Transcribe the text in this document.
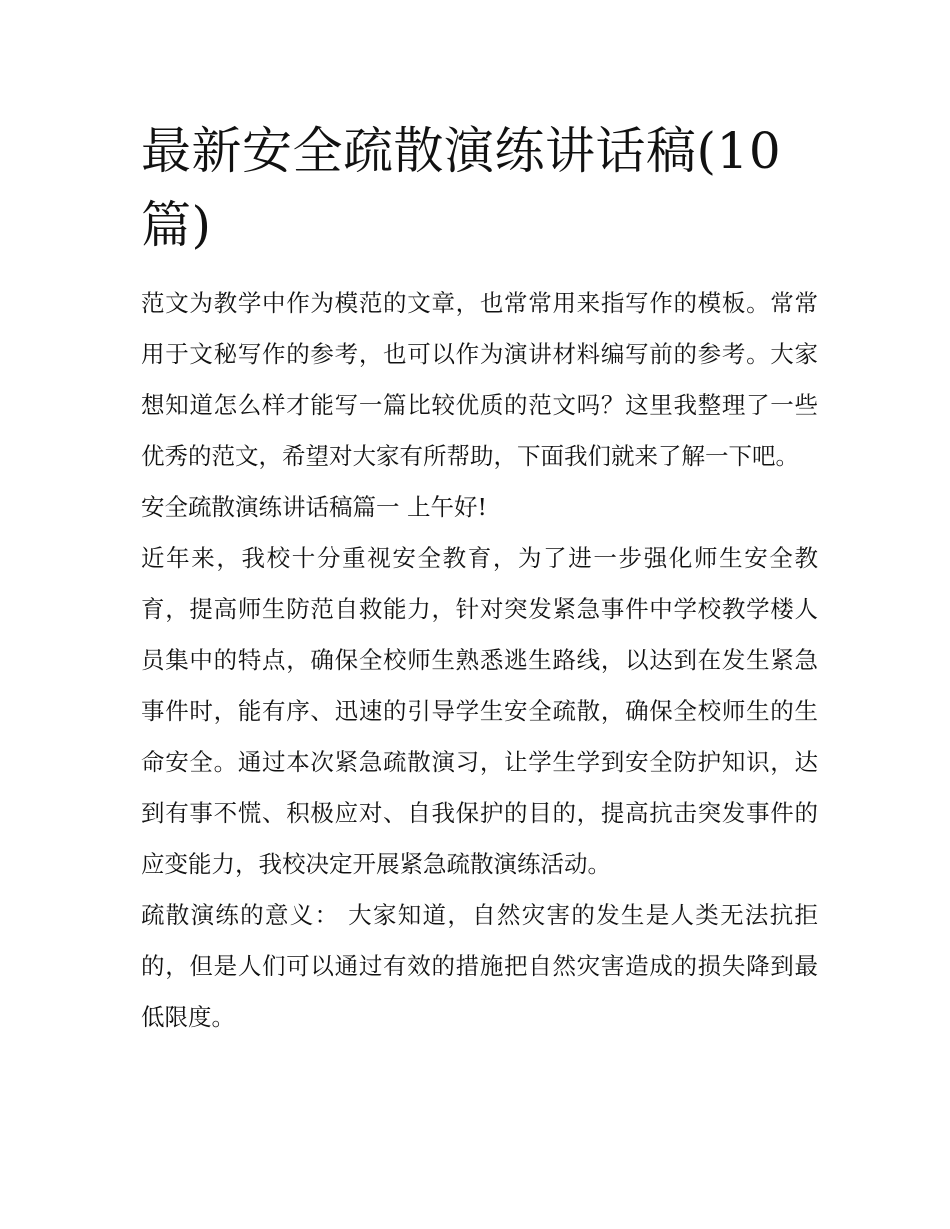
最新安全疏散演练讲话稿(10篇)

范文为教学中作为模范的文章，也常常用来指写作的模板。常常用于文秘写作的参考，也可以作为演讲材料编写前的参考。大家想知道怎么样才能写一篇比较优质的范文吗？这里我整理了一些优秀的范文，希望对大家有所帮助，下面我们就来了解一下吧。

安全疏散演练讲话稿篇一 上午好!

近年来，我校十分重视安全教育，为了进一步强化师生安全教育，提高师生防范自救能力，针对突发紧急事件中学校教学楼人员集中的特点，确保全校师生熟悉逃生路线，以达到在发生紧急事件时，能有序、迅速的引导学生安全疏散，确保全校师生的生命安全。通过本次紧急疏散演习，让学生学到安全防护知识，达到有事不慌、积极应对、自我保护的目的，提高抗击突发事件的应变能力，我校决定开展紧急疏散演练活动。

疏散演练的意义： 大家知道，自然灾害的发生是人类无法抗拒的，但是人们可以通过有效的措施把自然灾害造成的损失降到最低限度。
